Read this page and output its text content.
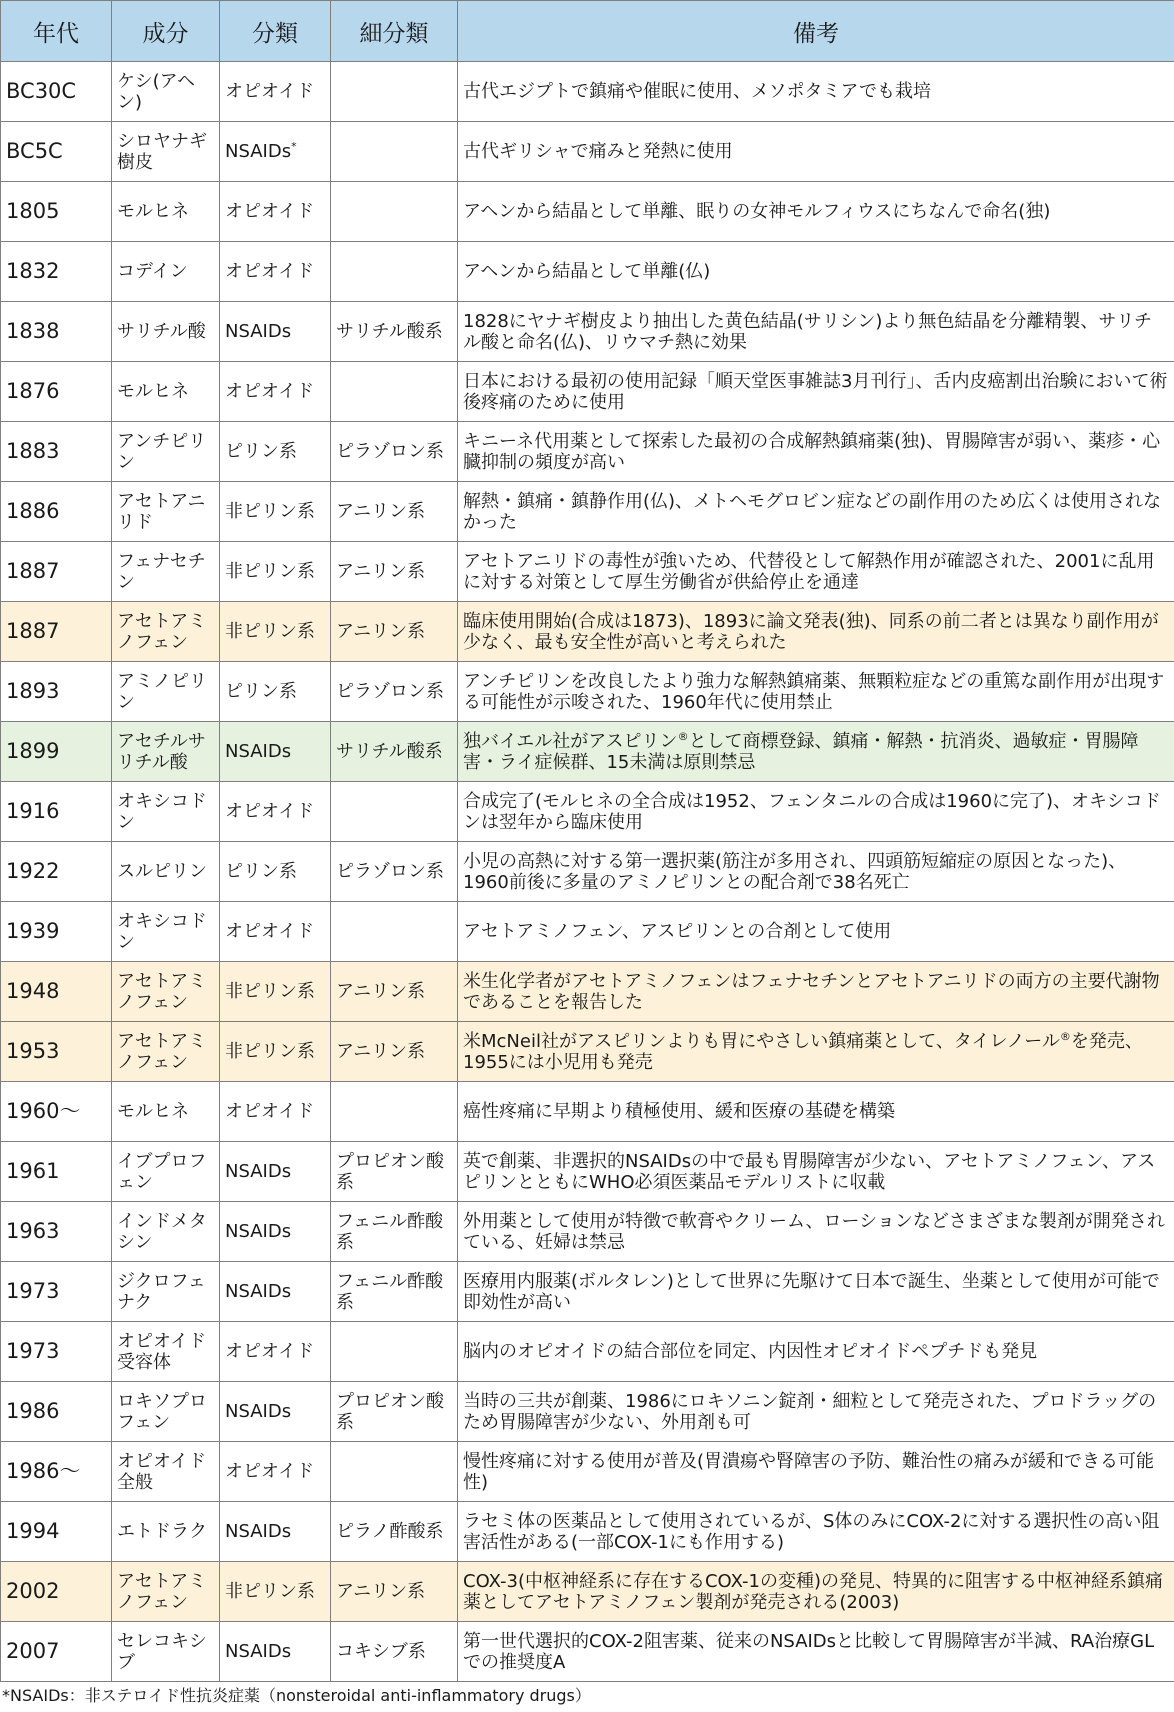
年代	成分	分類	細分類	備考
BC30C	ケシ(アヘン)	オピオイド		古代エジプトで鎮痛や催眠に使用、メソポタミアでも栽培
BC5C	シロヤナギ樹皮	NSAIDs*		古代ギリシャで痛みと発熱に使用
1805	モルヒネ	オピオイド		アヘンから結晶として単離、眠りの女神モルフィウスにちなんで命名(独)
1832	コデイン	オピオイド		アヘンから結晶として単離(仏)
1838	サリチル酸	NSAIDs	サリチル酸系	1828にヤナギ樹皮より抽出した黄色結晶(サリシン)より無色結晶を分離精製、サリチル酸と命名(仏)、リウマチ熱に効果
1876	モルヒネ	オピオイド		日本における最初の使用記録「順天堂医事雑誌3月刊行」、舌内皮癌割出治験において術後疼痛のために使用
1883	アンチピリン	ピリン系	ピラゾロン系	キニーネ代用薬として探索した最初の合成解熱鎮痛薬(独)、胃腸障害が弱い、薬疹・心臓抑制の頻度が高い
1886	アセトアニリド	非ピリン系	アニリン系	解熱・鎮痛・鎮静作用(仏)、メトヘモグロビン症などの副作用のため広くは使用されなかった
1887	フェナセチン	非ピリン系	アニリン系	アセトアニリドの毒性が強いため、代替役として解熱作用が確認された、2001に乱用に対する対策として厚生労働省が供給停止を通達
1887	アセトアミノフェン	非ピリン系	アニリン系	臨床使用開始(合成は1873)、1893に論文発表(独)、同系の前二者とは異なり副作用が少なく、最も安全性が高いと考えられた
1893	アミノピリン	ピリン系	ピラゾロン系	アンチピリンを改良したより強力な解熱鎮痛薬、無顆粒症などの重篤な副作用が出現する可能性が示唆された、1960年代に使用禁止
1899	アセチルサリチル酸	NSAIDs	サリチル酸系	独バイエル社がアスピリン®として商標登録、鎮痛・解熱・抗消炎、過敏症・胃腸障害・ライ症候群、15未満は原則禁忌
1916	オキシコドン	オピオイド		合成完了(モルヒネの全合成は1952、フェンタニルの合成は1960に完了)、オキシコドンは翌年から臨床使用
1922	スルピリン	ピリン系	ピラゾロン系	小児の高熱に対する第一選択薬(筋注が多用され、四頭筋短縮症の原因となった)、1960前後に多量のアミノピリンとの配合剤で38名死亡
1939	オキシコドン	オピオイド		アセトアミノフェン、アスピリンとの合剤として使用
1948	アセトアミノフェン	非ピリン系	アニリン系	米生化学者がアセトアミノフェンはフェナセチンとアセトアニリドの両方の主要代謝物であることを報告した
1953	アセトアミノフェン	非ピリン系	アニリン系	米McNeil社がアスピリンよりも胃にやさしい鎮痛薬として、タイレノール®を発売、1955には小児用も発売
1960～	モルヒネ	オピオイド		癌性疼痛に早期より積極使用、緩和医療の基礎を構築
1961	イブプロフェン	NSAIDs	プロピオン酸系	英で創薬、非選択的NSAIDsの中で最も胃腸障害が少ない、アセトアミノフェン、アスピリンとともにWHO必須医薬品モデルリストに収載
1963	インドメタシン	NSAIDs	フェニル酢酸系	外用薬として使用が特徴で軟膏やクリーム、ローションなどさまざまな製剤が開発されている、妊婦は禁忌
1973	ジクロフェナク	NSAIDs	フェニル酢酸系	医療用内服薬(ボルタレン)として世界に先駆けて日本で誕生、坐薬として使用が可能で即効性が高い
1973	オピオイド受容体	オピオイド		脳内のオピオイドの結合部位を同定、内因性オピオイドペプチドも発見
1986	ロキソプロフェン	NSAIDs	プロピオン酸系	当時の三共が創薬、1986にロキソニン錠剤・細粒として発売された、プロドラッグのため胃腸障害が少ない、外用剤も可
1986～	オピオイド全般	オピオイド		慢性疼痛に対する使用が普及(胃潰瘍や腎障害の予防、難治性の痛みが緩和できる可能性)
1994	エトドラク	NSAIDs	ピラノ酢酸系	ラセミ体の医薬品として使用されているが、S体のみにCOX-2に対する選択性の高い阻害活性がある(一部COX-1にも作用する)
2002	アセトアミノフェン	非ピリン系	アニリン系	COX-3(中枢神経系に存在するCOX-1の変種)の発見、特異的に阻害する中枢神経系鎮痛薬としてアセトアミノフェン製剤が発売される(2003)
2007	セレコキシブ	NSAIDs	コキシブ系	第一世代選択的COX-2阻害薬、従来のNSAIDsと比較して胃腸障害が半減、RA治療GLでの推奨度A
*NSAIDs：非ステロイド性抗炎症薬（nonsteroidal anti-inflammatory drugs）
